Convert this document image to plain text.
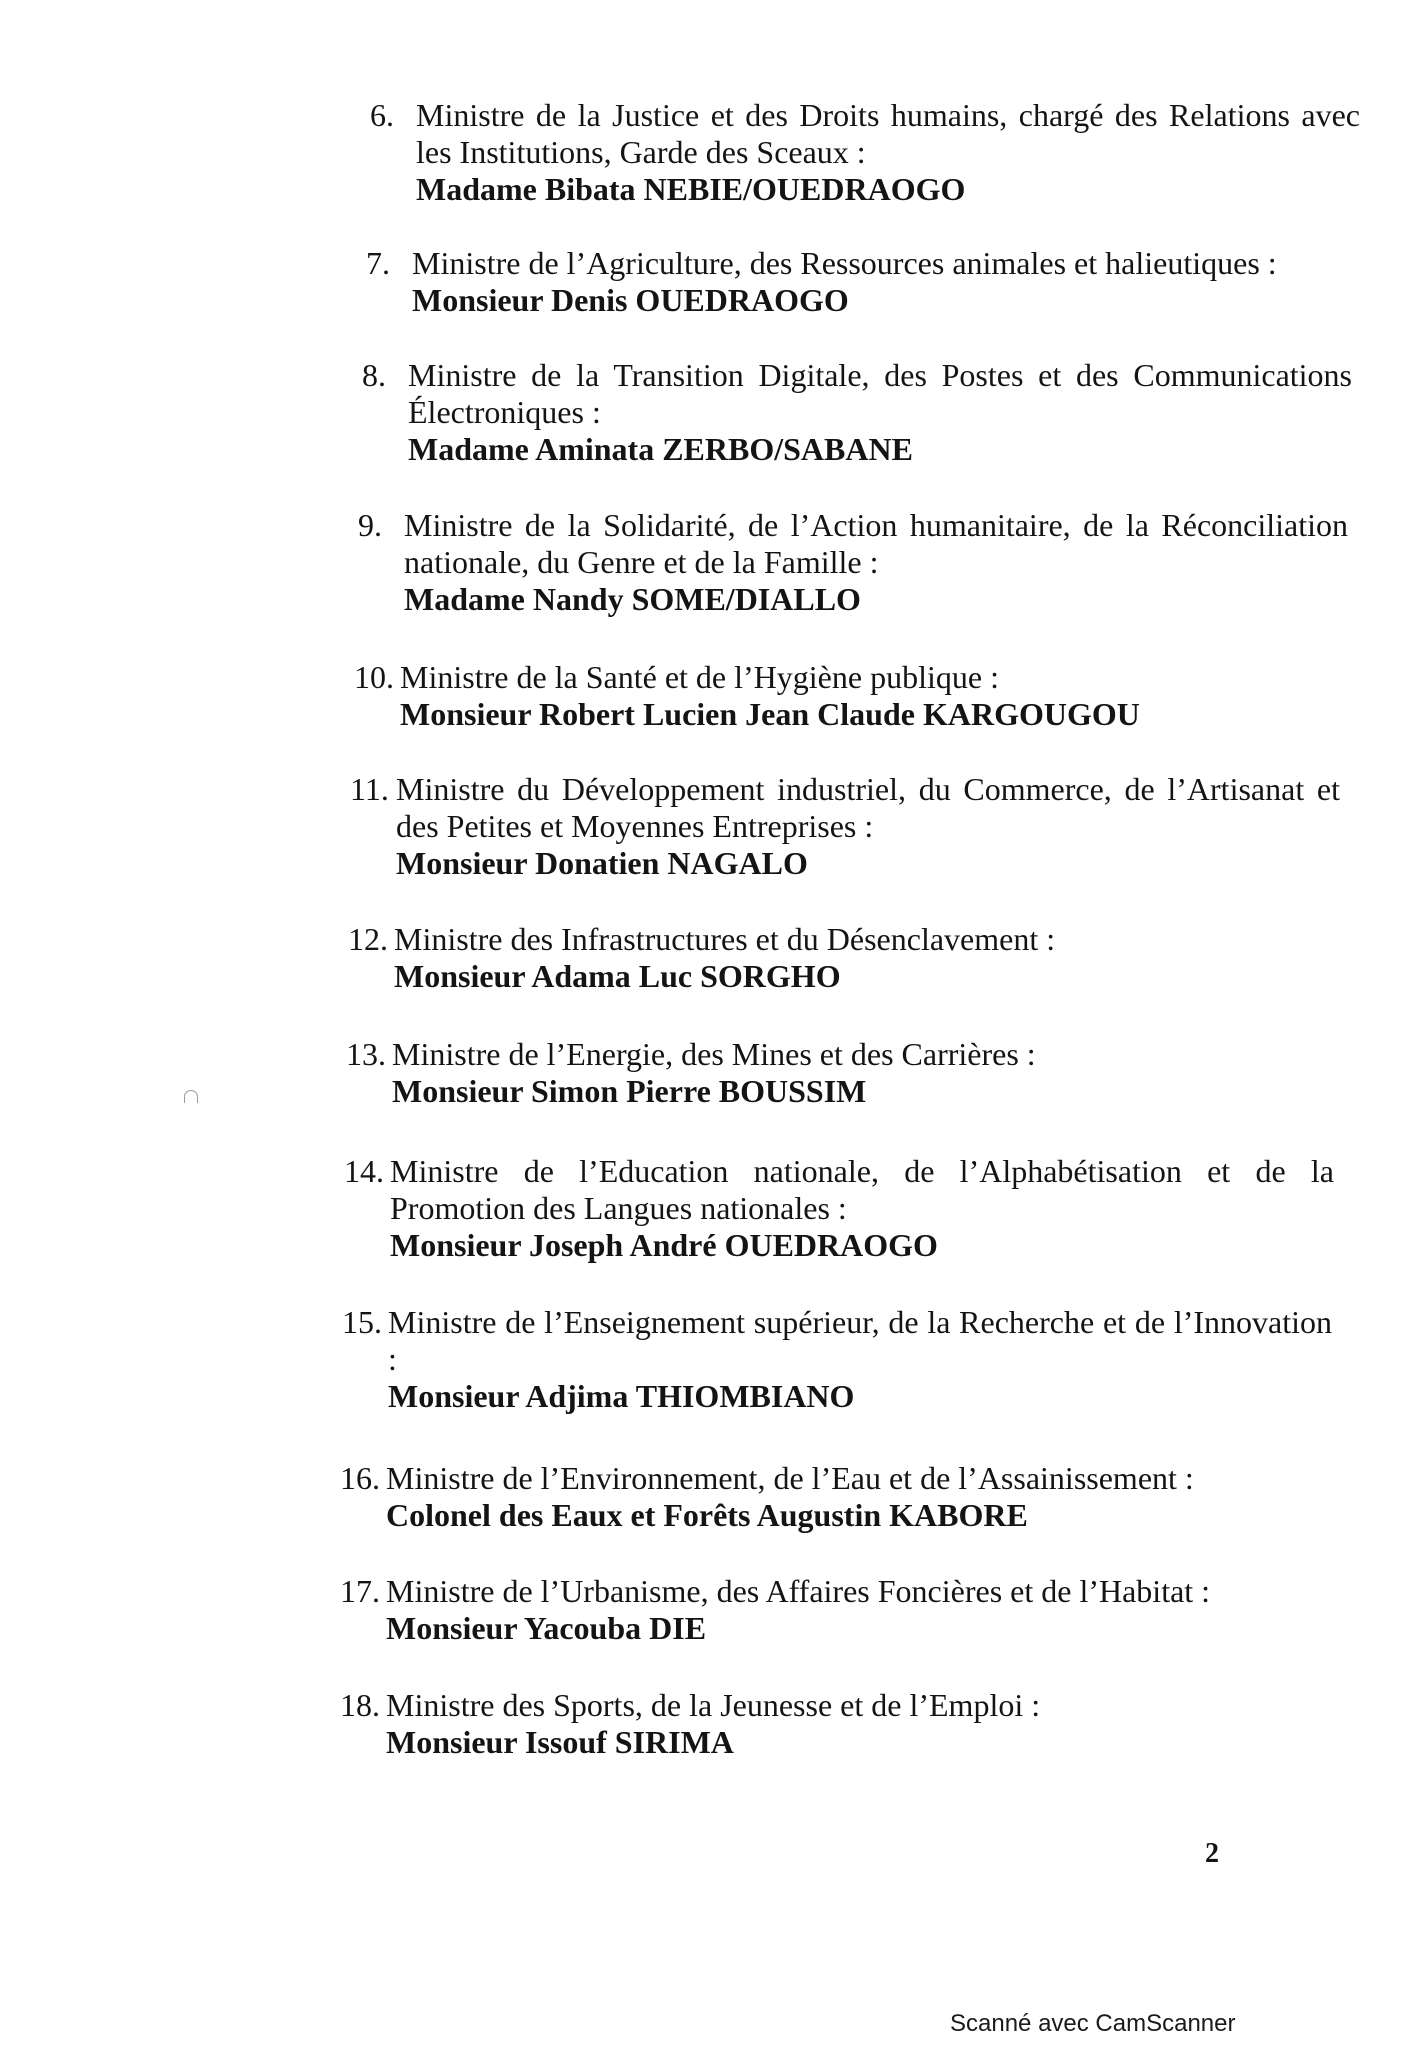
6. Ministre de la Justice et des Droits humains, chargé des Relations avec les Institutions, Garde des Sceaux :
Madame Bibata NEBIE/OUEDRAOGO
7. Ministre de l’Agriculture, des Ressources animales et halieutiques :
Monsieur Denis OUEDRAOGO
8. Ministre de la Transition Digitale, des Postes et des Communications Électroniques :
Madame Aminata ZERBO/SABANE
9. Ministre de la Solidarité, de l’Action humanitaire, de la Réconciliation nationale, du Genre et de la Famille :
Madame Nandy SOME/DIALLO
10. Ministre de la Santé et de l’Hygiène publique :
Monsieur Robert Lucien Jean Claude KARGOUGOU
11. Ministre du Développement industriel, du Commerce, de l’Artisanat et des Petites et Moyennes Entreprises :
Monsieur Donatien NAGALO
12. Ministre des Infrastructures et du Désenclavement :
Monsieur Adama Luc SORGHO
13. Ministre de l’Energie, des Mines et des Carrières :
Monsieur Simon Pierre BOUSSIM
14. Ministre de l’Education nationale, de l’Alphabétisation et de la Promotion des Langues nationales :
Monsieur Joseph André OUEDRAOGO
15. Ministre de l’Enseignement supérieur, de la Recherche et de l’Innovation :
Monsieur Adjima THIOMBIANO
16. Ministre de l’Environnement, de l’Eau et de l’Assainissement :
Colonel des Eaux et Forêts Augustin KABORE
17. Ministre de l’Urbanisme, des Affaires Foncières et de l’Habitat :
Monsieur Yacouba DIE
18. Ministre des Sports, de la Jeunesse et de l’Emploi :
Monsieur Issouf SIRIMA
2
Scanné avec CamScanner
